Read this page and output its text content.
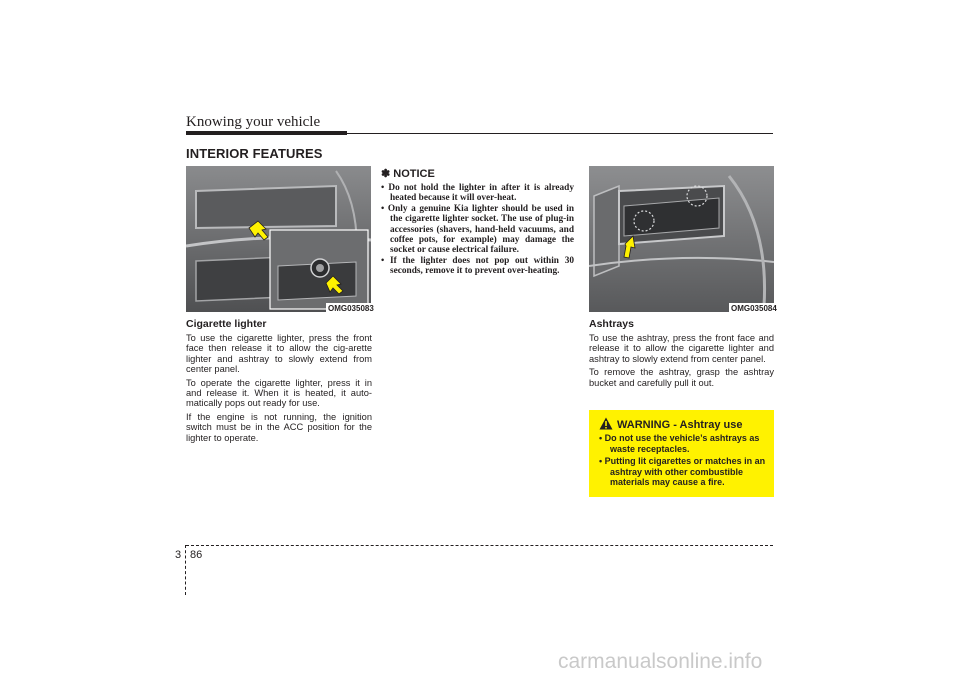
Knowing your vehicle
INTERIOR FEATURES
OMG035083
Cigarette lighter

To use the cigarette lighter, press the front face then release it to allow the cig-arette lighter and ashtray to slowly extend from center panel.

To operate the cigarette lighter, press it in and release it. When it is heated, it auto-matically pops out ready for use.

If the engine is not running, the ignition switch must be in the ACC position for the lighter to operate.

✽ NOTICE
• Do not hold the lighter in after it is already heated because it will over-heat.
• Only a genuine Kia lighter should be used in the cigarette lighter socket. The use of plug-in accessories (shavers, hand-held vacuums, and coffee pots, for example) may damage the socket or cause electrical failure.
• If the lighter does not pop out within 30 seconds, remove it to prevent over-heating.
OMG035084
Ashtrays

To use the ashtray, press the front face and release it to allow the cigarette lighter and ashtray to slowly extend from center panel.

To remove the ashtray, grasp the ashtray bucket and carefully pull it out.

WARNING - Ashtray use
• Do not use the vehicle’s ashtrays as waste receptacles.
• Putting lit cigarettes or matches in an ashtray with other combustible materials may cause a fire.
3 86
carmanualsonline.info
